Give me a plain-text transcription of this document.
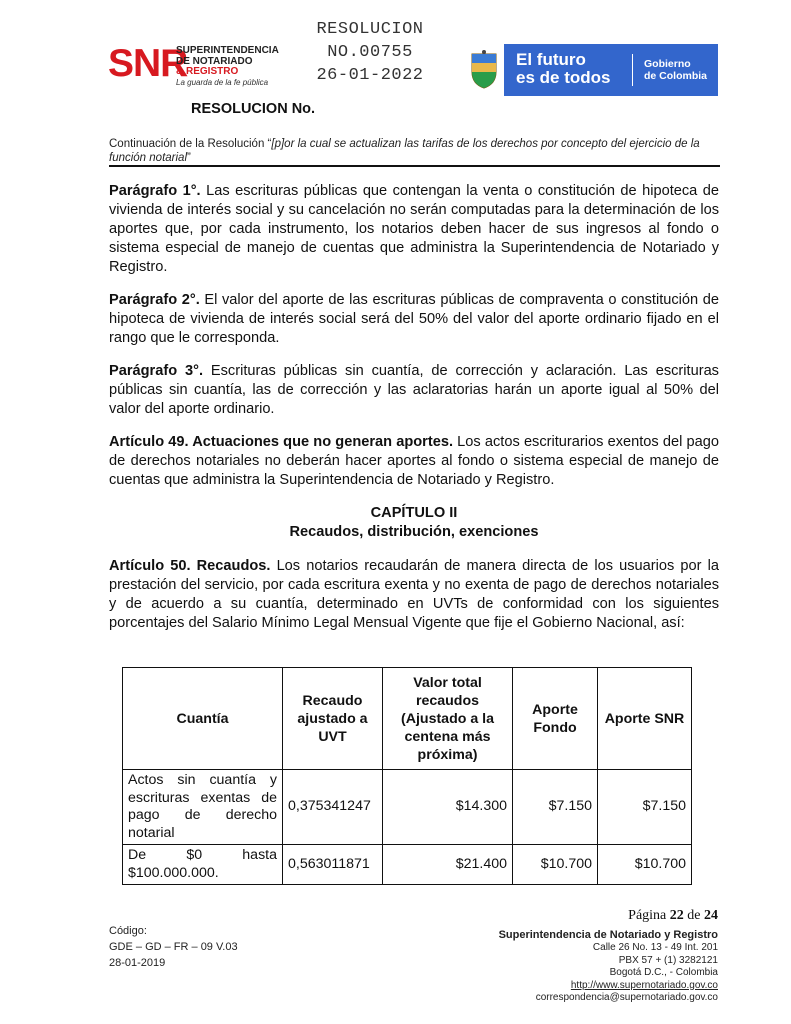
RESOLUCION
NO.00755
26-01-2022
SNR
SUPERINTENDENCIA
DE NOTARIADO
& REGISTRO
La guarda de la fe pública
El futuro
es de todos
Gobierno
de Colombia
RESOLUCION No.
Continuación de la Resolución “[p]or la cual se actualizan las tarifas de los derechos por concepto del ejercicio de la función notarial”
Parágrafo 1°. Las escrituras públicas que contengan la venta o constitución de hipoteca de vivienda de interés social y su cancelación no serán computadas para la determinación de los aportes que, por cada instrumento, los notarios deben hacer de sus ingresos al fondo o sistema especial de manejo de cuentas que administra la Superintendencia de Notariado y Registro.
Parágrafo 2°. El valor del aporte de las escrituras públicas de compraventa o constitución de hipoteca de vivienda de interés social será del 50% del valor del aporte ordinario fijado en el rango que le corresponda.
Parágrafo 3°. Escrituras públicas sin cuantía, de corrección y aclaración. Las escrituras públicas sin cuantía, las de corrección y las aclaratorias harán un aporte igual al 50% del valor del aporte ordinario.
Artículo 49. Actuaciones que no generan aportes. Los actos escriturarios exentos del pago de derechos notariales no deberán hacer aportes al fondo o sistema especial de manejo de cuentas que administra la Superintendencia de Notariado y Registro.
CAPÍTULO II
Recaudos, distribución, exenciones
Artículo 50. Recaudos. Los notarios recaudarán de manera directa de los usuarios por la prestación del servicio, por cada escritura exenta y no exenta de pago de derechos notariales y de acuerdo a su cuantía, determinado en UVTs de conformidad con los siguientes porcentajes del Salario Mínimo Legal Mensual Vigente que fije el Gobierno Nacional, así:
Cuantía	Recaudo ajustado a UVT	Valor total recaudos (Ajustado a la centena más próxima)	Aporte Fondo	Aporte SNR
Actos sin cuantía y escrituras exentas de pago de derecho notarial	0,375341247	$14.300	$7.150	$7.150
De $0 hasta $100.000.000.	0,563011871	$21.400	$10.700	$10.700
Código:
GDE – GD – FR – 09 V.03
28-01-2019
Página 22 de 24
Superintendencia de Notariado y Registro
Calle 26 No. 13 - 49 Int. 201
PBX 57 + (1) 3282121
Bogotá D.C., - Colombia
http://www.supernotariado.gov.co
correspondencia@supernotariado.gov.co
